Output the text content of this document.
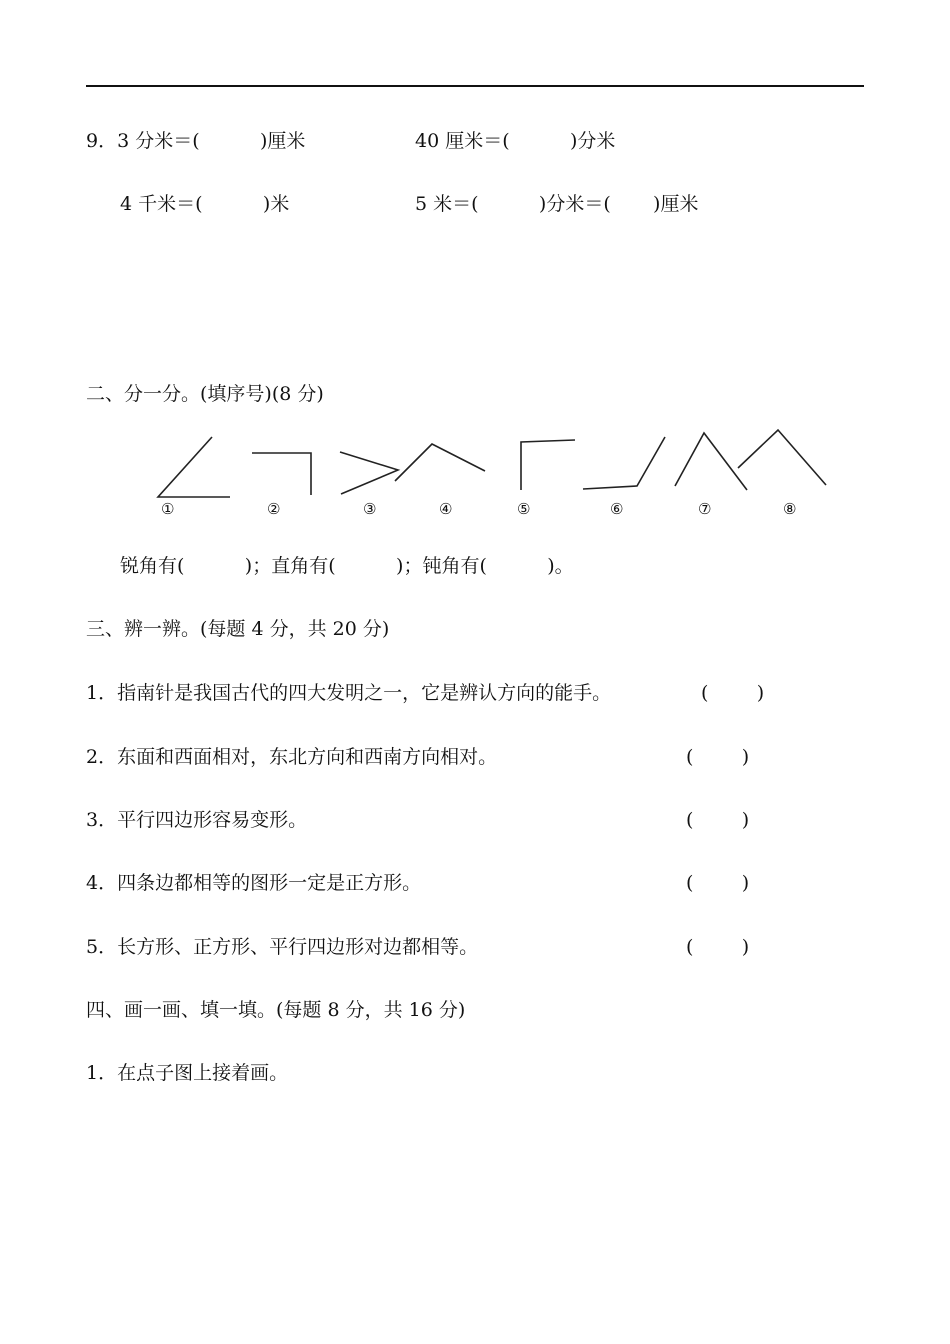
9．3 分米＝(          )厘米

	40 厘米＝(          )分米

4 千米＝(          )米

	5 米＝(          )分米＝(       )厘米

二、分一分。(填序号)(8 分)
①	②	③	④	⑤	⑥	⑦	⑧
锐角有(          )；直角有(          )；钝角有(          )。
三、辨一辨。(每题 4 分，共 20 分)

1．指南针是我国古代的四大发明之一，它是辨认方向的能手。

	(        )

2．东面和西面相对，东北方向和西南方向相对。

	(        )

3．平行四边形容易变形。

	(        )

4．四条边都相等的图形一定是正方形。

	(        )

5．长方形、正方形、平行四边形对边都相等。

	(        )

四、画一画、填一填。(每题 8 分，共 16 分)
1．在点子图上接着画。
